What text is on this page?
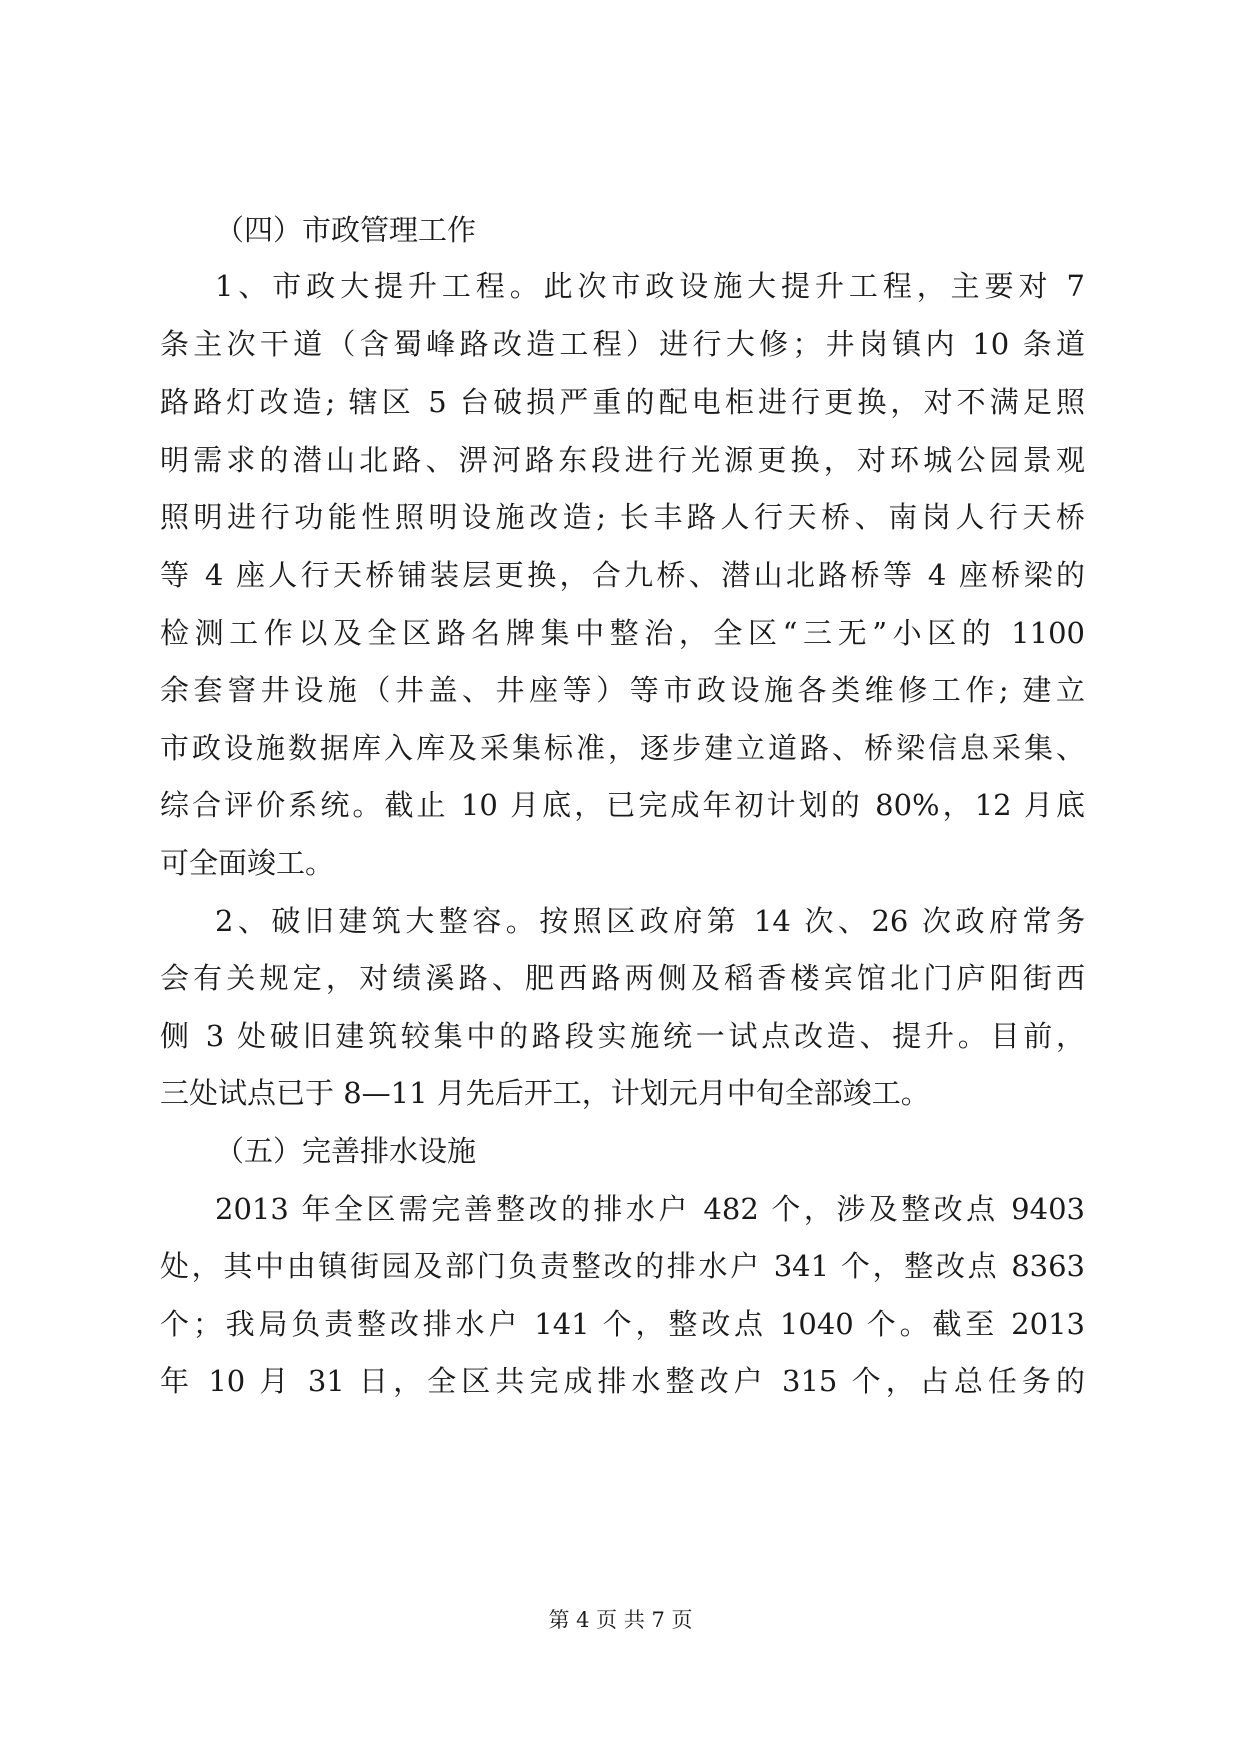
（四）市政管理工作
1、市政大提升工程。此次市政设施大提升工程，主要对 7
条主次干道（含蜀峰路改造工程）进行大修；井岗镇内 10 条道
路路灯改造; 辖区 5 台破损严重的配电柜进行更换，对不满足照
明需求的潜山北路、淠河路东段进行光源更换，对环城公园景观
照明进行功能性照明设施改造; 长丰路人行天桥、南岗人行天桥
等 4 座人行天桥铺装层更换，合九桥、潜山北路桥等 4 座桥梁的
检测工作以及全区路名牌集中整治，全区“三无”小区的 1100
余套窨井设施（井盖、井座等）等市政设施各类维修工作; 建立
市政设施数据库入库及采集标准，逐步建立道路、桥梁信息采集、
综合评价系统。截止 10 月底，已完成年初计划的 80%，12 月底
可全面竣工。
2、破旧建筑大整容。按照区政府第 14 次、26 次政府常务
会有关规定，对绩溪路、肥西路两侧及稻香楼宾馆北门庐阳街西
侧 3 处破旧建筑较集中的路段实施统一试点改造、提升。目前，
三处试点已于 8—11 月先后开工，计划元月中旬全部竣工。
（五）完善排水设施
2013 年全区需完善整改的排水户 482 个，涉及整改点 9403
处，其中由镇街园及部门负责整改的排水户 341 个，整改点 8363
个；我局负责整改排水户 141 个，整改点 1040 个。截至 2013
年 10 月 31 日，全区共完成排水整改户 315 个，占总任务的
第 4 页 共 7 页
